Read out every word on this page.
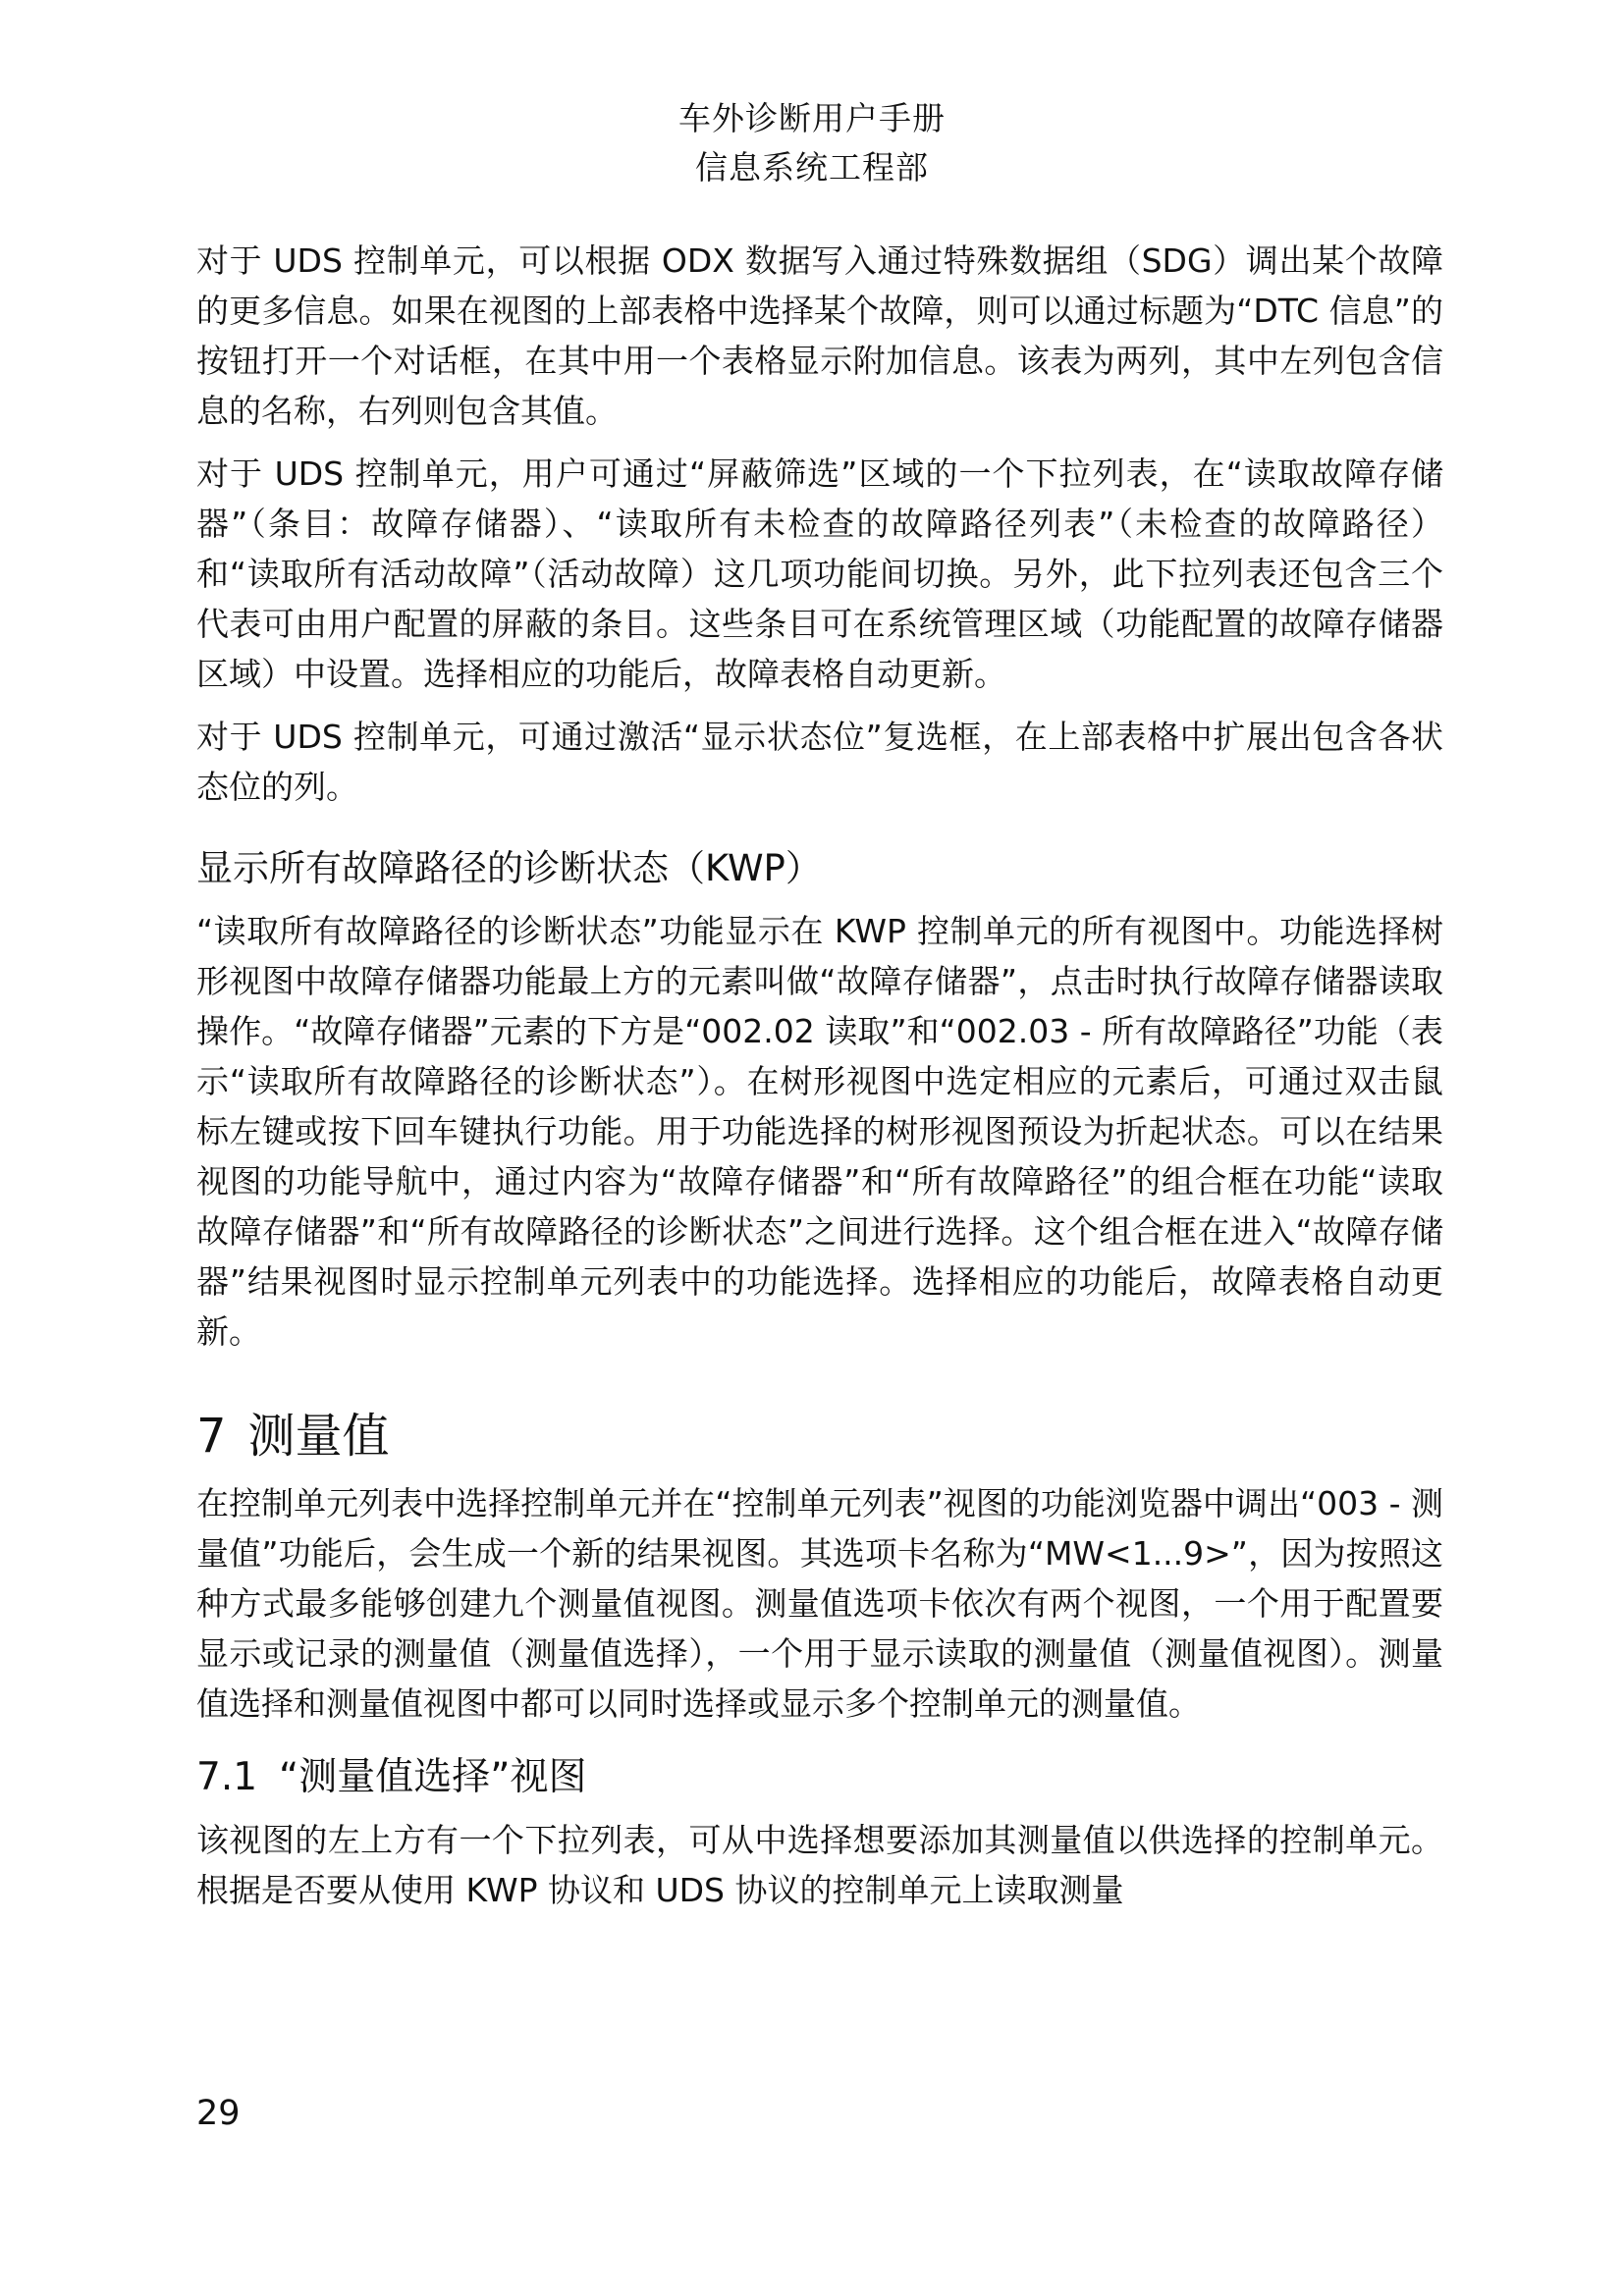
车外诊断用户手册
信息系统工程部

对于 UDS 控制单元，可以根据 ODX 数据写入通过特殊数据组（SDG）调出某个故障的更多信息。如果在视图的上部表格中选择某个故障，则可以通过标题为“DTC 信息”的按钮打开一个对话框，在其中用一个表格显示附加信息。该表为两列，其中左列包含信息的名称，右列则包含其值。

对于 UDS 控制单元，用户可通过“屏蔽筛选”区域的一个下拉列表，在“读取故障存储器”（条目：故障存储器）、“读取所有未检查的故障路径列表”（未检查的故障路径）和“读取所有活动故障”（活动故障）这几项功能间切换。另外，此下拉列表还包含三个代表可由用户配置的屏蔽的条目。这些条目可在系统管理区域（功能配置的故障存储器区域）中设置。选择相应的功能后，故障表格自动更新。

对于 UDS 控制单元，可通过激活“显示状态位”复选框，在上部表格中扩展出包含各状态位的列。

显示所有故障路径的诊断状态（KWP）

“读取所有故障路径的诊断状态”功能显示在 KWP 控制单元的所有视图中。功能选择树形视图中故障存储器功能最上方的元素叫做“故障存储器”，点击时执行故障存储器读取操作。“故障存储器”元素的下方是“002.02 读取”和“002.03 - 所有故障路径”功能（表示“读取所有故障路径的诊断状态”）。在树形视图中选定相应的元素后，可通过双击鼠标左键或按下回车键执行功能。用于功能选择的树形视图预设为折起状态。可以在结果视图的功能导航中，通过内容为“故障存储器”和“所有故障路径”的组合框在功能“读取故障存储器”和“所有故障路径的诊断状态”之间进行选择。这个组合框在进入“故障存储器”结果视图时显示控制单元列表中的功能选择。选择相应的功能后，故障表格自动更新。

7 测量值

在控制单元列表中选择控制单元并在“控制单元列表”视图的功能浏览器中调出“003 - 测量值”功能后，会生成一个新的结果视图。其选项卡名称为“MW<1...9>”，因为按照这种方式最多能够创建九个测量值视图。测量值选项卡依次有两个视图，一个用于配置要显示或记录的测量值（测量值选择），一个用于显示读取的测量值（测量值视图）。测量值选择和测量值视图中都可以同时选择或显示多个控制单元的测量值。

7.1 “测量值选择”视图

该视图的左上方有一个下拉列表，可从中选择想要添加其测量值以供选择的控制单元。根据是否要从使用 KWP 协议和 UDS 协议的控制单元上读取测量

29
